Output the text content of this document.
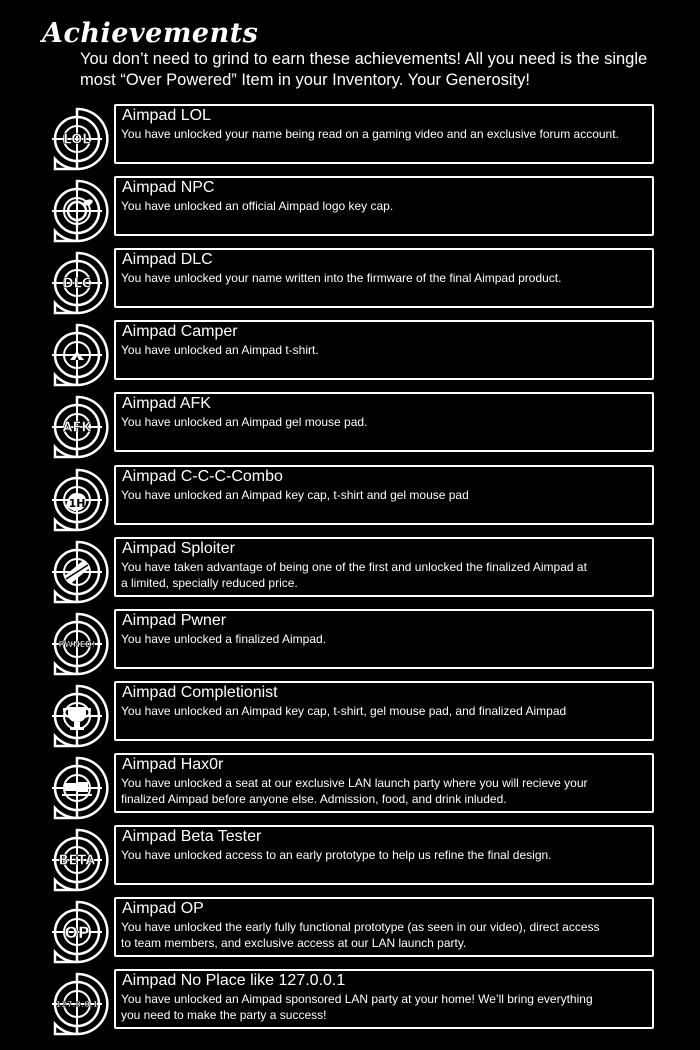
Achievements
You don’t need to grind to earn these achievements! All you need is the single most “Over Powered” Item in your Inventory. Your Generosity!
LOL
Aimpad LOL
You have unlocked your name being read on a gaming video and an exclusive forum account.
Aimpad NPC
You have unlocked an official Aimpad logo key cap.
DLC
Aimpad DLC
You have unlocked your name written into the firmware of the final Aimpad product.
Aimpad Camper
You have unlocked an Aimpad t-shirt.
AFK
Aimpad AFK
You have unlocked an Aimpad gel mouse pad.
1H
Aimpad C-C-C-Combo
You have unlocked an Aimpad key cap, t-shirt and gel mouse pad
Aimpad Sploiter
You have taken advantage of being one of the first and unlocked the finalized Aimpad at
a limited, specially reduced price.
PWNED!
Aimpad Pwner
You have unlocked a finalized Aimpad.
Aimpad Completionist
You have unlocked an Aimpad key cap, t-shirt, gel mouse pad, and finalized Aimpad
Aimpad Hax0r
You have unlocked a seat at our exclusive LAN launch party where you will recieve your
finalized Aimpad before anyone else. Admission, food, and drink inluded.
BETA
Aimpad Beta Tester
You have unlocked access to an early prototype to help us refine the final design.
OP
Aimpad OP
You have unlocked the early fully functional prototype (as seen in our video), direct access
to team members, and exclusive access at our LAN launch party.
127.0.0.1
Aimpad No Place like 127.0.0.1
You have unlocked an Aimpad sponsored LAN party at your home! We’ll bring everything
you need to make the party a success!
